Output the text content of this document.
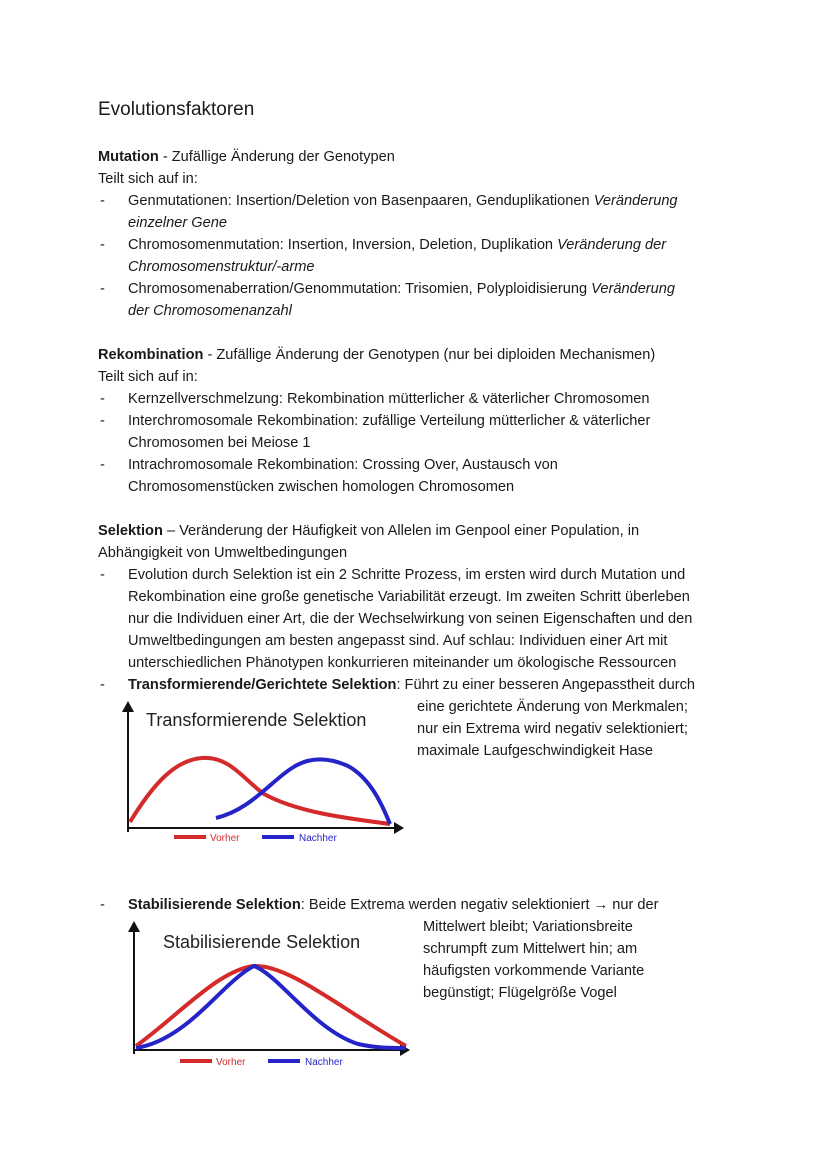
Evolutionsfaktoren
Mutation - Zufällige Änderung der Genotypen
Teilt sich auf in:
- Genmutationen: Insertion/Deletion von Basenpaaren, Genduplikationen Veränderung
einzelner Gene
- Chromosomenmutation: Insertion, Inversion, Deletion, Duplikation Veränderung der
Chromosomenstruktur/-arme
- Chromosomenaberration/Genommutation: Trisomien, Polyploidisierung Veränderung
der Chromosomenanzahl
Rekombination - Zufällige Änderung der Genotypen (nur bei diploiden Mechanismen)
Teilt sich auf in:
- Kernzellverschmelzung: Rekombination mütterlicher & väterlicher Chromosomen
- Interchromosomale Rekombination: zufällige Verteilung mütterlicher & väterlicher
Chromosomen bei Meiose 1
- Intrachromosomale Rekombination: Crossing Over, Austausch von
Chromosomenstücken zwischen homologen Chromosomen
Selektion – Veränderung der Häufigkeit von Allelen im Genpool einer Population, in
Abhängigkeit von Umweltbedingungen
- Evolution durch Selektion ist ein 2 Schritte Prozess, im ersten wird durch Mutation und
Rekombination eine große genetische Variabilität erzeugt. Im zweiten Schritt überleben
nur die Individuen einer Art, die der Wechselwirkung von seinen Eigenschaften und den
Umweltbedingungen am besten angepasst sind. Auf schlau: Individuen einer Art mit
unterschiedlichen Phänotypen konkurrieren miteinander um ökologische Ressourcen
- Transformierende/Gerichtete Selektion: Führt zu einer besseren Angepasstheit durch
eine gerichtete Änderung von Merkmalen;
nur ein Extrema wird negativ selektioniert;
maximale Laufgeschwindigkeit Hase
Transformierende Selektion
Vorher	Nachher
- Stabilisierende Selektion: Beide Extrema werden negativ selektioniert → nur der
Mittelwert bleibt; Variationsbreite
schrumpft zum Mittelwert hin; am
häufigsten vorkommende Variante
begünstigt; Flügelgröße Vogel
Stabilisierende Selektion
Vorher	Nachher
